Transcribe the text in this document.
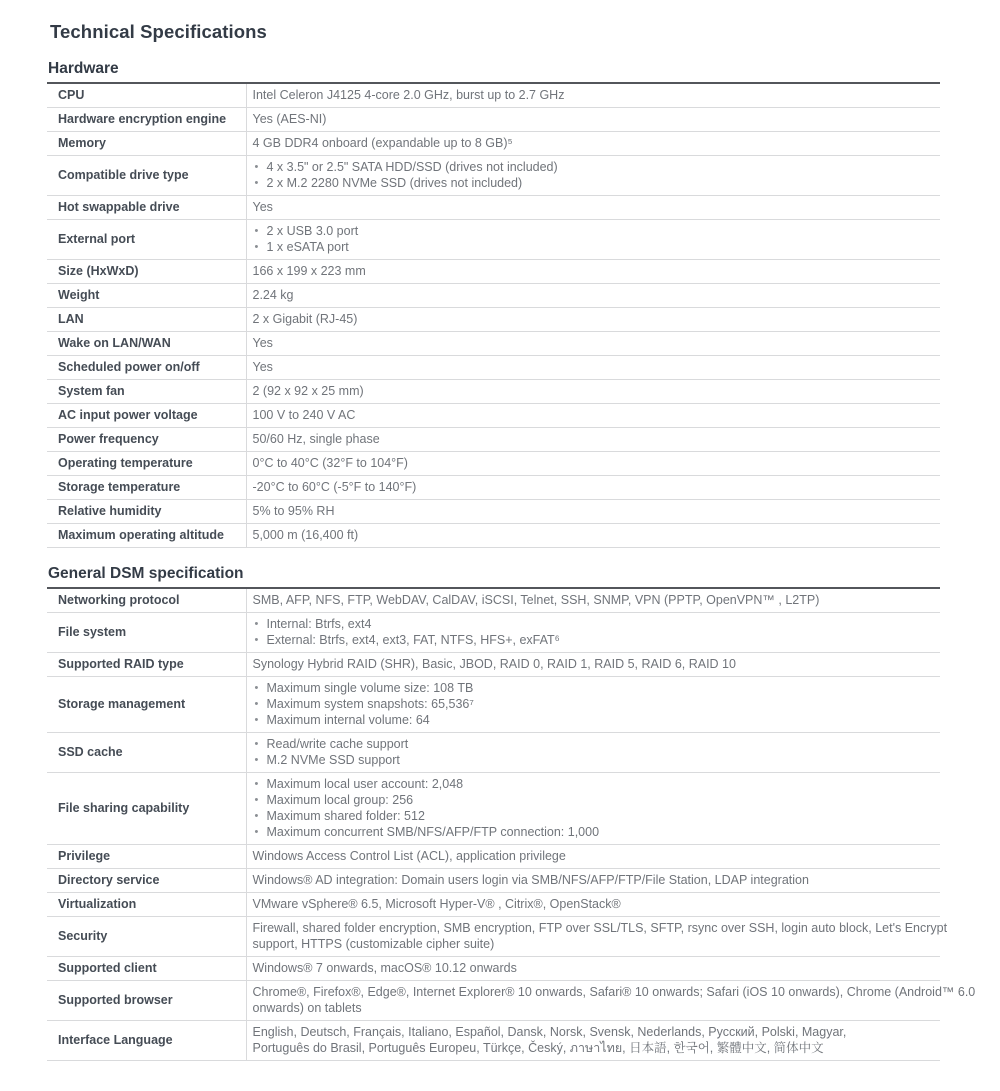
Technical Specifications
Hardware
CPU	Intel Celeron J4125 4-core 2.0 GHz, burst up to 2.7 GHz

Hardware encryption engine	Yes (AES-NI)

Memory	4 GB DDR4 onboard (expandable up to 8 GB)⁵

Compatible drive type	
• 4 x 3.5" or 2.5" SATA HDD/SSD (drives not included)
• 2 x M.2 2280 NVMe SSD (drives not included)

Hot swappable drive	Yes

External port	
• 2 x USB 3.0 port
• 1 x eSATA port

Size (HxWxD)	166 x 199 x 223 mm

Weight	2.24 kg

LAN	2 x Gigabit (RJ-45)

Wake on LAN/WAN	Yes

Scheduled power on/off	Yes

System fan	2 (92 x 92 x 25 mm)

AC input power voltage	100 V to 240 V AC

Power frequency	50/60 Hz, single phase

Operating temperature	0°C to 40°C (32°F to 104°F)

Storage temperature	-20°C to 60°C (-5°F to 140°F)

Relative humidity	5% to 95% RH

Maximum operating altitude	5,000 m (16,400 ft)
General DSM specification
Networking protocol	SMB, AFP, NFS, FTP, WebDAV, CalDAV, iSCSI, Telnet, SSH, SNMP, VPN (PPTP, OpenVPN™ , L2TP)

File system	
• Internal: Btrfs, ext4
• External: Btrfs, ext4, ext3, FAT, NTFS, HFS+, exFAT⁶

Supported RAID type	Synology Hybrid RAID (SHR), Basic, JBOD, RAID 0, RAID 1, RAID 5, RAID 6, RAID 10

Storage management	
• Maximum single volume size: 108 TB
• Maximum system snapshots: 65,536⁷
• Maximum internal volume: 64

SSD cache	
• Read/write cache support
• M.2 NVMe SSD support

File sharing capability	
• Maximum local user account: 2,048
• Maximum local group: 256
• Maximum shared folder: 512
• Maximum concurrent SMB/NFS/AFP/FTP connection: 1,000

Privilege	Windows Access Control List (ACL), application privilege

Directory service	Windows® AD integration: Domain users login via SMB/NFS/AFP/FTP/File Station, LDAP integration

Virtualization	VMware vSphere® 6.5, Microsoft Hyper-V® , Citrix®, OpenStack®

Security	Firewall, shared folder encryption, SMB encryption, FTP over SSL/TLS, SFTP, rsync over SSH, login auto block, Let's Encrypt
support, HTTPS (customizable cipher suite)

Supported client	Windows® 7 onwards, macOS® 10.12 onwards

Supported browser	Chrome®, Firefox®, Edge®, Internet Explorer® 10 onwards, Safari® 10 onwards; Safari (iOS 10 onwards), Chrome (Android™ 6.0
onwards) on tablets

Interface Language	English, Deutsch, Français, Italiano, Español, Dansk, Norsk, Svensk, Nederlands, Русский, Polski, Magyar,
Português do Brasil, Português Europeu, Türkçe, Český, ภาษาไทย, 日本語, 한국어, 繁體中文, 简体中文
